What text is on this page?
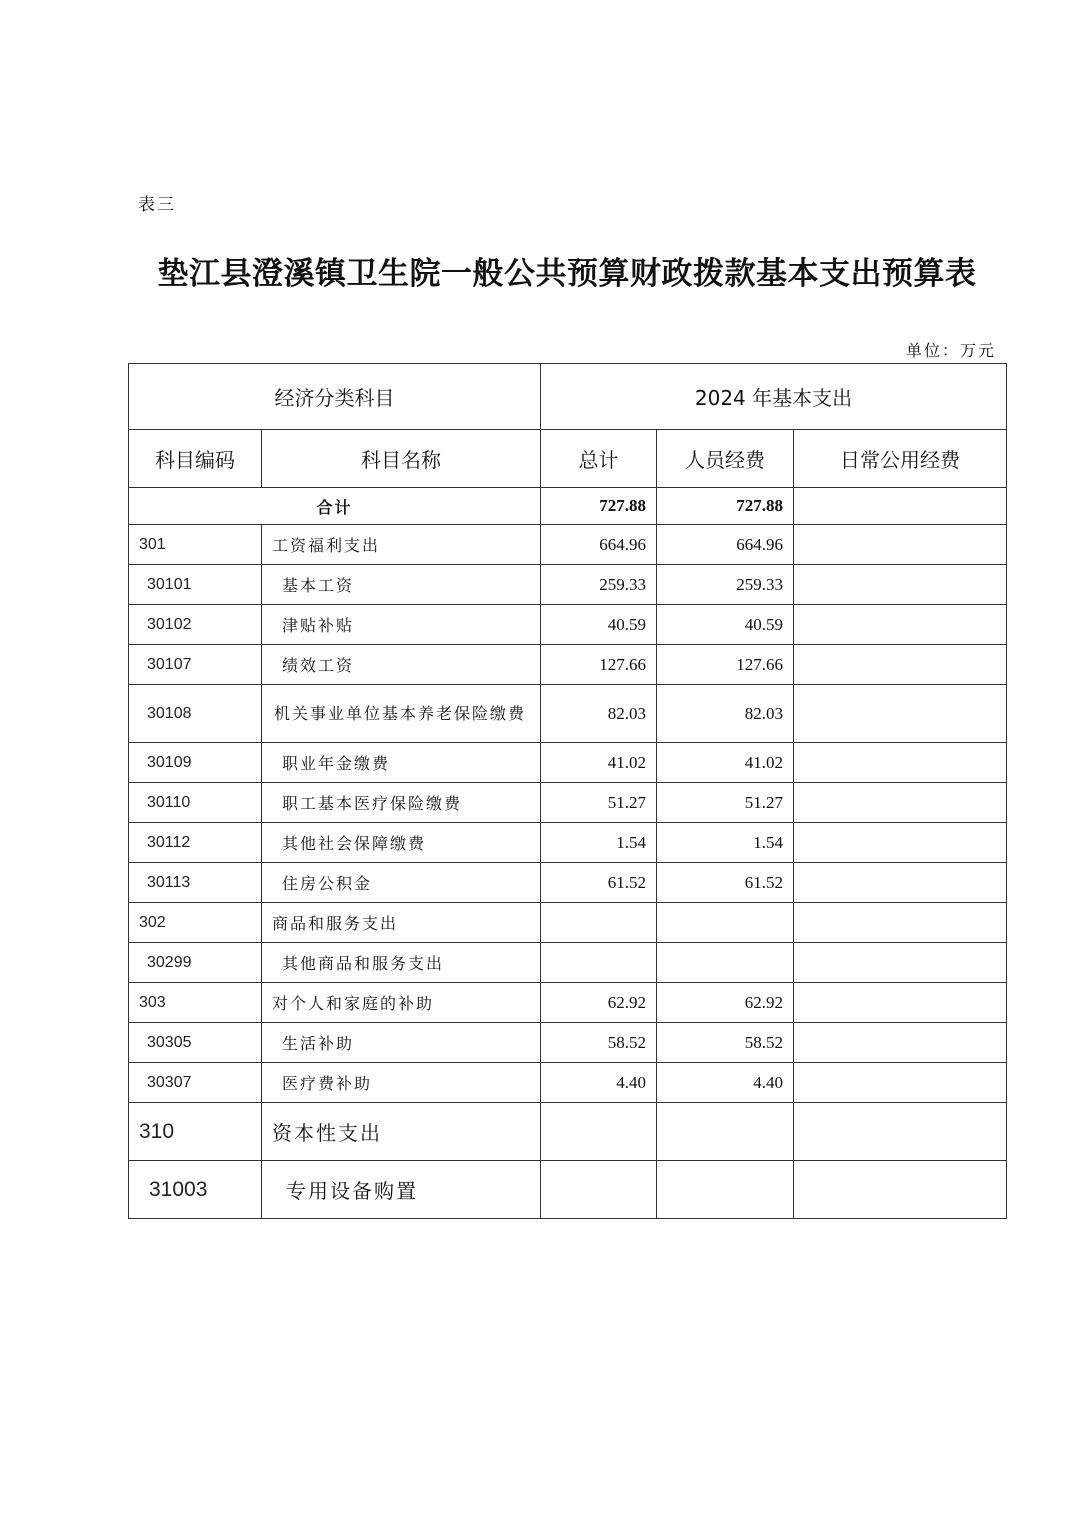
表三
垫江县澄溪镇卫生院一般公共预算财政拨款基本支出预算表
单位：万元
经济分类科目		2024 年基本支出		
科目编码	科目名称	总计	人员经费	日常公用经费
合计		727.88	727.88	
301	工资福利支出	664.96	664.96	
30101	基本工资	259.33	259.33	
30102	津贴补贴	40.59	40.59	
30107	绩效工资	127.66	127.66	
30108	机关事业单位基本养老保险缴费	82.03	82.03	
30109	职业年金缴费	41.02	41.02	
30110	职工基本医疗保险缴费	51.27	51.27	
30112	其他社会保障缴费	1.54	1.54	
30113	住房公积金	61.52	61.52	
302	商品和服务支出			
30299	其他商品和服务支出			
303	对个人和家庭的补助	62.92	62.92	
30305	生活补助	58.52	58.52	
30307	医疗费补助	4.40	4.40	
310	资本性支出			
31003	专用设备购置			
